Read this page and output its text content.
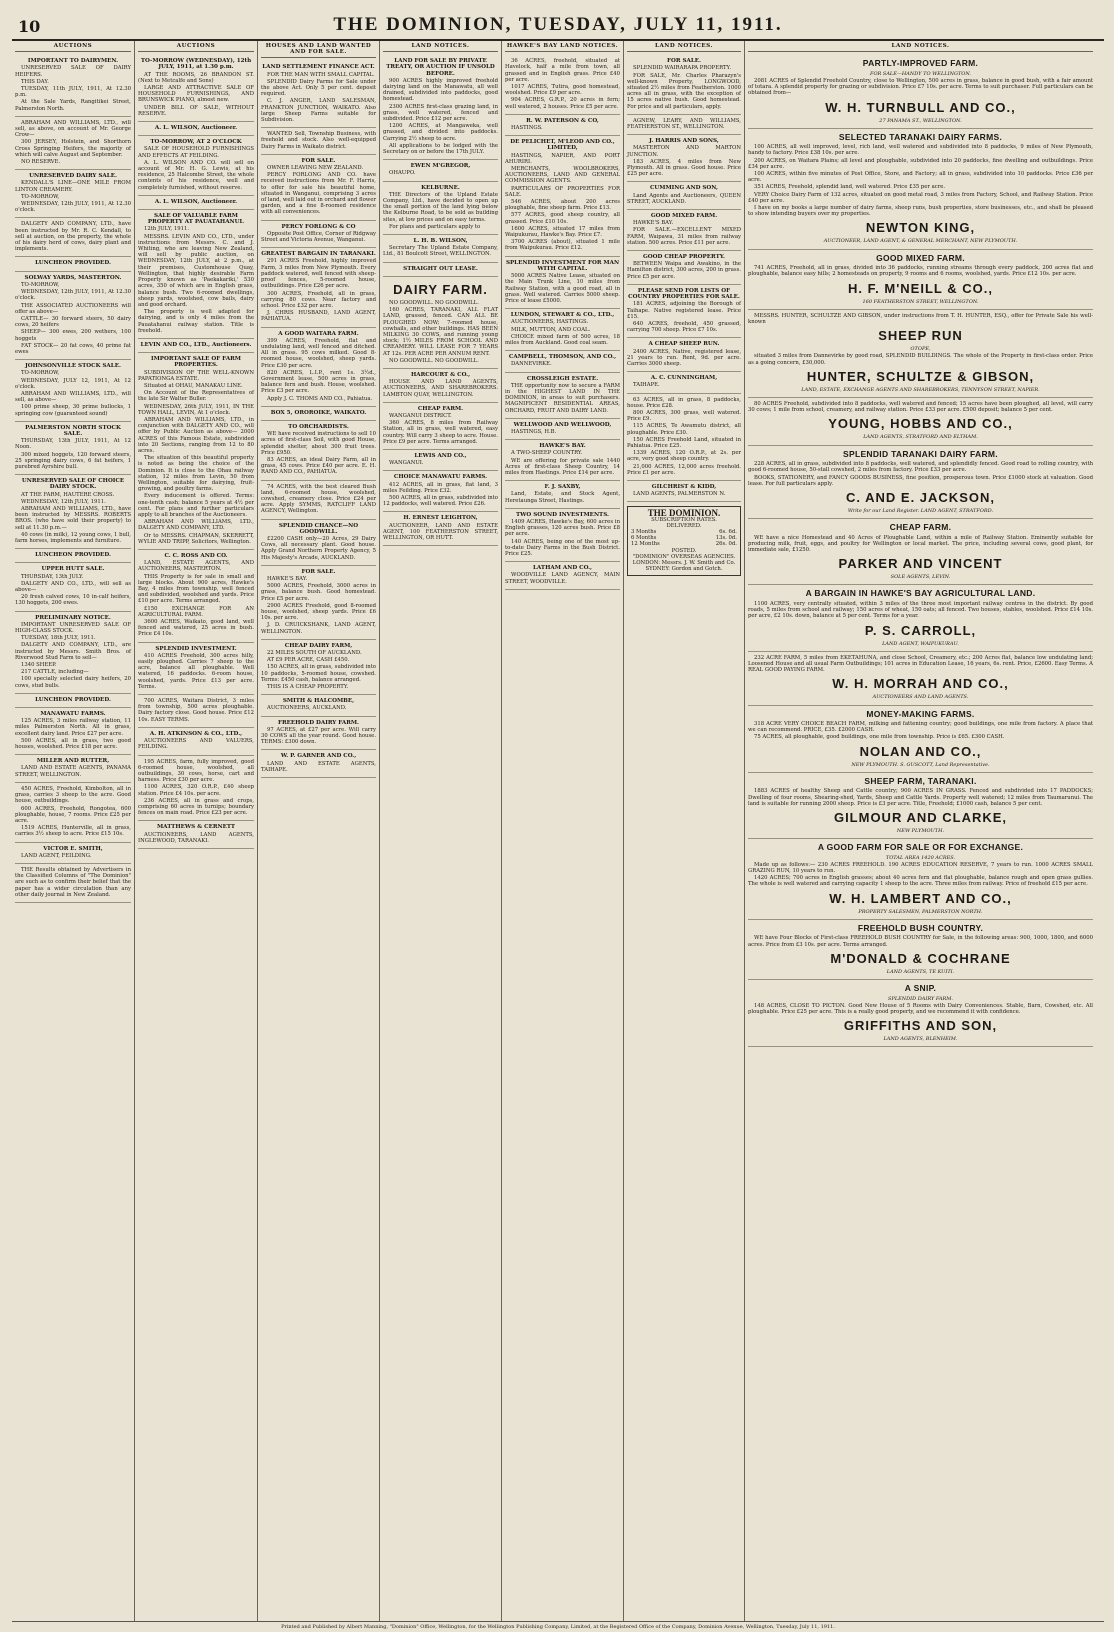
10	THE DOMINION, TUESDAY, JULY 11, 1911.
AUCTIONS
IMPORTANT TO DAIRYMEN.

UNRESERVED SALE OF DAIRY HEIFERS.

THIS DAY.

TUESDAY, 11th JULY, 1911, At 12.30 p.m.

At the Sale Yards, Rangitikei Street, Palmerston North.

ABRAHAM AND WILLIAMS, LTD., will sell, as above, on account of Mr. George Crow—

300 JERSEY, Holstein, and Shorthorn Cross Springing Heifers, the majority of which will calve August and September.

NO RESERVE.

UNRESERVED DAIRY SALE.

KENDALL'S LINE—ONE MILE FROM LINTON CREAMERY.

TO-MORROW,

WEDNESDAY, 12th JULY, 1911, At 12.30 o'clock.

DALGETY AND COMPANY, LTD., have been instructed by Mr. R. C. Kendall, to sell at auction, on the property, the whole of his dairy herd of cows, dairy plant and implements.

LUNCHEON PROVIDED.
SOLWAY YARDS, MASTERTON.

TO-MORROW,

WEDNESDAY, 12th JULY, 1911, At 12.30 o'clock.

THE ASSOCIATED AUCTIONEERS will offer as above—

CATTLE— 30 forward steers, 50 dairy cows, 20 heifers

SHEEP— 300 ewes, 200 wethers, 100 hoggets

FAT STOCK— 20 fat cows, 40 prime fat ewes

JOHNSONVILLE STOCK SALE.

TO-MORROW,

WEDNESDAY, JULY 12, 1911, At 12 o'clock.

ABRAHAM AND WILLIAMS, LTD., will sell, as above—

100 prime sheep, 30 prime bullocks, 1 springing cow (guaranteed sound)

PALMERSTON NORTH STOCK SALE.

THURSDAY, 13th JULY, 1911, At 12 Noon.

300 mixed hoggets, 120 forward steers, 25 springing dairy cows, 6 fat heifers, 1 purebred Ayrshire bull.

UNRESERVED SALE OF CHOICE DAIRY STOCK.

AT THE FARM, HAUTERE CROSS.

WEDNESDAY, 12th JULY, 1911.

ABRAHAM AND WILLIAMS, LTD., have been instructed by MESSRS. ROBERTS BROS. (who have sold their property) to sell at 11.30 p.m.—

40 cows (in milk), 12 young cows, 1 bull, farm horses, implements and furniture.

LUNCHEON PROVIDED.
UPPER HUTT SALE.

THURSDAY, 13th JULY.

DALGETY AND CO., LTD., will sell as above—

20 fresh calved cows, 10 in-calf heifers, 130 hoggets, 200 ewes.

PRELIMINARY NOTICE.

IMPORTANT UNRESERVED SALE OF HIGH-CLASS STOCK.

TUESDAY, 18th JULY, 1911.

DALGETY AND COMPANY, LTD., are instructed by Messrs. Smith Bros. of Riverwood Stud Farm to sell—

1340 SHEEP.

217 CATTLE, including—

100 specially selected dairy heifers, 20 cows, stud bulls.

LUNCHEON PROVIDED.
MANAWATU FARMS.

125 ACRES, 3 miles railway station, 11 miles Palmerston North. All in grass, excellent dairy land. Price £27 per acre.

500 ACRES, all in grass, two good houses, woolshed. Price £18 per acre.

MILLER AND RUTTER,

LAND AND ESTATE AGENTS, PANAMA STREET, WELLINGTON.

450 ACRES, Freehold, Kimbolton, all in grass, carries 3 sheep to the acre. Good house, outbuildings.

600 ACRES, Freehold, Rongotea, 600 ploughable, house, 7 rooms. Price £25 per acre.

1519 ACRES, Hunterville, all in grass, carries 3½ sheep to acre. Price £15 10s.

VICTOR E. SMITH,

LAND AGENT, FEILDING.

THE Results obtained by Advertisers in the Classified Columns of "The Dominion" are such as to confirm their belief that the paper has a wider circulation than any other daily journal in New Zealand.

AUCTIONS
TO-MORROW (WEDNESDAY), 12th JULY, 1911, at 1.30 p.m.

AT THE ROOMS, 26 BRANDON ST. (Next to Metcalfe and Sons)

LARGE AND ATTRACTIVE SALE OF HOUSEHOLD FURNISHINGS, AND BRUNSWICK PIANO, almost new.

UNDER BILL OF SALE, WITHOUT RESERVE.

A. L. WILSON, Auctioneer.
TO-MORROW, AT 2 O'CLOCK

SALE OF HOUSEHOLD FURNISHINGS AND EFFECTS AT FEILDING.

A. L. WILSON AND CO. will sell on account of Mr. H. G. Lewis, at his residence, 25 Halcombe Street, the whole contents of his residence, well and completely furnished, without reserve.

A. L. WILSON, Auctioneer.
SALE OF VALUABLE FARM PROPERTY AT PAUATAHANUI.

12th JULY, 1911.

MESSRS. LEVIN AND CO., LTD., under instructions from Messrs. C. and J. Whiting, who are leaving New Zealand, will sell by public auction, on WEDNESDAY, 12th JULY, at 2 p.m., at their premises, Customhouse Quay, Wellington, that highly desirable Farm Property known as 'Paekakariki,' 530 acres, 350 of which are in English grass, balance bush. Two 6-roomed dwellings, sheep yards, woolshed, cow bails, dairy and good orchard.

The property is well adapted for dairying, and is only 4 miles from the Pauatahanui railway station. Title is freehold.

LEVIN AND CO., LTD., Auctioneers.
IMPORTANT SALE OF FARM PROPERTIES.

SUBDIVISION OF THE WELL-KNOWN PAPATIONGA ESTATE.

Situated at OHAU, MANAKAU LINE.

On Account of the Representatives of the late Sir Walter Buller.

WEDNESDAY, 26th JULY, 1911, IN THE TOWN HALL, LEVIN, At 1 o'clock.

ABRAHAM AND WILLIAMS, LTD., in conjunction with DALGETY AND CO., will offer by Public Auction as above— 2000 ACRES of this Famous Estate, subdivided into 20 Sections, ranging from 12 to 80 acres.

The situation of this beautiful property is noted as being the choice of the Dominion. It is close to the Ohau railway station, 12 miles from Levin, 50 from Wellington, suitable for dairying, fruit-growing, and poultry farms.

Every inducement is offered. Terms: one-tenth cash; balance 5 years at 4½ per cent. For plans and further particulars apply to all branches of the Auctioneers.

ABRAHAM AND WILLIAMS, LTD., DALGETY AND COMPANY, LTD.

Or to MESSRS. CHAPMAN, SKERRETT, WYLIE AND TRIPP, Solicitors, Wellington.

C. C. ROSS AND CO.

LAND, ESTATE AGENTS, AND AUCTIONEERS, MASTERTON.

THIS Property is for sale in small and large blocks. About 900 acres, Hawke's Bay, 4 miles from township, well fenced and subdivided, woolshed and yards. Price £10 per acre. Terms arranged.

£150 EXCHANGE FOR AN AGRICULTURAL FARM.

3600 ACRES, Waikato, good land, well fenced and watered, 25 acres in bush. Price £4 10s.

SPLENDID INVESTMENT.

410 ACRES Freehold, 300 acres hilly, easily ploughed. Carries 7 sheep to the acre, balance all ploughable. Well watered, 16 paddocks. 6-room house, woolshed, yards. Price £13 per acre. Terms.

700 ACRES, Waitara District, 3 miles from township, 500 acres ploughable. Dairy factory close. Good house. Price £12 10s. EASY TERMS.

A. H. ATKINSON & CO., LTD.,

AUCTIONEERS AND VALUERS, FEILDING.

195 ACRES, farm, fully improved, good 6-roomed house, woolshed, all outbuildings, 30 cows, horse, cart and harness. Price £30 per acre.

1100 ACRES, 320 O.R.P., £40 sheep station. Price £4 10s. per acre.

236 ACRES, all in grass and crops, comprising 60 acres in turnips; boundary fences on main road. Price £23 per acre.

MATTHEWS & CERNETT

AUCTIONEERS, LAND AGENTS, INGLEWOOD, TARANAKI.

HOUSES AND LAND WANTED AND FOR SALE.
LAND SETTLEMENT FINANCE ACT.

FOR THE MAN WITH SMALL CAPITAL.

SPLENDID Dairy Farms for Sale under the above Act. Only 5 per cent. deposit required.

C. J. ANGER, LAND SALESMAN, FRANKTON JUNCTION, WAIKATO. Also large Sheep Farms suitable for Subdivision.

WANTED Sell, Township Business, with freehold and stock. Also well-equipped Dairy Farms in Waikato district.

FOR SALE.

OWNER LEAVING NEW ZEALAND.

PERCY FORLONG AND CO. have received instructions from Mr. F. Harris, to offer for sale his beautiful home, situated in Wanganui, comprising 3 acres of land, well laid out in orchard and flower garden, and a fine 8-roomed residence with all conveniences.

PERCY FORLONG & CO

Opposite Post Office, Corner of Ridgway Street and Victoria Avenue, Wanganui.

GREATEST BARGAIN IN TARANAKI.

291 ACRES Freehold, highly improved Farm, 3 miles from New Plymouth. Every paddock watered, well fenced with sheep-proof fences, 5-roomed house, outbuildings. Price £26 per acre.

300 ACRES, Freehold, all in grass, carrying 80 cows. Near factory and school. Price £32 per acre.

J. CHRIS HUSBAND, LAND AGENT, PAHIATUA.

A GOOD WAITARA FARM.

399 ACRES, Freehold, flat and undulating land, well fenced and ditched. All in grass. 95 cows milked. Good 8-roomed house, woolshed, sheep yards. Price £30 per acre.

820 ACRES, L.I.P., rent 1s. 3½d., Government lease, 500 acres in grass, balance fern and bush. House, woolshed. Price £3 per acre.

Apply J. C. THOMS AND CO., Pahiatua.

BOX 5, OROROIKE, WAIKATO.
TO ORCHARDISTS.

WE have received instructions to sell 10 acres of first-class Soil, with good House, splendid shelter, about 300 fruit trees. Price £950.

83 ACRES, an ideal Dairy Farm, all in grass, 45 cows. Price £40 per acre. E. H. RAND AND CO., PAHIATUA.

74 ACRES, with the best cleared Bush land, 6-roomed house, woolshed, cowshed, creamery close. Price £24 per acre. Apply SYMMS, RATCLIFF LAND AGENCY, Wellington.

SPLENDID CHANCE—NO GOODWILL.

£2200 CASH only—20 Acres, 29 Dairy Cows, all necessary plant. Good house. Apply Grand Northern Property Agency, 5 His Majesty's Arcade, AUCKLAND.

FOR SALE.

HAWKE'S BAY.

5000 ACRES, Freehold, 3000 acres in grass, balance bush. Good homestead. Price £5 per acre.

2900 ACRES Freehold, good 8-roomed house, woolshed, sheep yards. Price £6 10s. per acre.

J. D. CRUICKSHANK, LAND AGENT, WELLINGTON.

CHEAP DAIRY FARM,

22 MILES SOUTH OF AUCKLAND.

AT £9 PER ACRE, CASH £450.

150 ACRES, all in grass, subdivided into 10 paddocks, 5-roomed house, cowshed. Terms: £450 cash, balance arranged.

THIS IS A CHEAP PROPERTY.

SMITH & HALCOMBE,

AUCTIONEERS, AUCKLAND.

FREEHOLD DAIRY FARM.

97 ACRES, at £27 per acre. Will carry 30 COWS all the year round. Good house. TERMS: £300 down.

W. P. GARNER AND CO.,

LAND AND ESTATE AGENTS, TAIHAPE.

LAND NOTICES.
LAND FOR SALE BY PRIVATE TREATY, OR AUCTION IF UNSOLD BEFORE.

900 ACRES highly improved freehold dairying land on the Manawatu, all well drained, subdivided into paddocks, good homestead.

2300 ACRES first-class grazing land, in grass, well watered, fenced and subdivided. Price £12 per acre.

1200 ACRES, at Mangaweka, well grassed, and divided into paddocks. Carrying 2½ sheep to acre.

All applications to be lodged with the Secretary on or before the 17th JULY.

EWEN M'GREGOR,

OHAUPO.

KELBURNE.

THE Directors of the Upland Estate Company, Ltd., have decided to open up the small portion of the land lying below the Kelburne Road, to be sold as building sites, at low prices and on easy terms.

For plans and particulars apply to

L. H. B. WILSON,

Secretary The Upland Estate Company, Ltd., 81 Boulcott Street, WELLINGTON.

STRAIGHT OUT LEASE.
DAIRY FARM.

NO GOODWILL. NO GOODWILL.

160 ACRES, TARANAKI, ALL FLAT LAND, grassed, fenced. CAN ALL BE PLOUGHED NOW; 7-roomed house, cowbails, and other buildings. HAS BEEN MILKING 30 COWS, and running young stock; 1½ MILES FROM SCHOOL AND CREAMERY. WILL LEASE FOR 7 YEARS AT 12s. PER ACRE PER ANNUM RENT.

NO GOODWILL. NO GOODWILL.

HARCOURT & CO.,

HOUSE AND LAND AGENTS, AUCTIONEERS, AND SHAREBROKERS. LAMBTON QUAY, WELLINGTON.

CHEAP FARM.

WANGANUI DISTRICT.

360 ACRES, 8 miles from Railway Station, all in grass, well watered, easy country. Will carry 3 sheep to acre. House. Price £9 per acre. Terms arranged.

LEWIS AND CO.,

WANGANUI.

CHOICE MANAWATU FARMS.

412 ACRES, all in grass, flat land, 3 miles Feilding. Price £32.

500 ACRES, all in grass, subdivided into 12 paddocks, well watered. Price £26.

H. ERNEST LEIGHTON,

AUCTIONEER, LAND AND ESTATE AGENT, 100 FEATHERSTON STREET, WELLINGTON, OR HUTT.

HAWKE'S BAY LAND NOTICES.

36 ACRES, freehold, situated at Havelock, half a mile from town, all grassed and in English grass. Price £40 per acre.

1017 ACRES, Tutira, good homestead, woolshed. Price £9 per acre.

904 ACRES, G.R.P., 20 acres in fern; well watered, 2 houses. Price £5 per acre.

R. W. PATERSON & CO,

HASTINGS.

DE PELICHET, M'LEOD AND CO., LIMITED,

HASTINGS, NAPIER, AND PORT AHURIRI.

MERCHANTS, WOOLBROKERS, AUCTIONEERS, LAND AND GENERAL COMMISSION AGENTS.

PARTICULARS OF PROPERTIES FOR SALE.

546 ACRES, about 200 acres ploughable, fine sheep farm. Price £13.

577 ACRES, good sheep country, all grassed. Price £10 10s.

1600 ACRES, situated 17 miles from Waipukurau, Hawke's Bay. Price £7.

3700 ACRES (about), situated 1 mile from Waipukurau. Price £12.

SPLENDID INVESTMENT FOR MAN WITH CAPITAL.

5000 ACRES Native Lease, situated on the Main Trunk Line, 10 miles from Railway Station, with a good road, all in grass. Well watered. Carries 5000 sheep. Price of lease £5000.

LUNDON, STEWART & CO., LTD.,

AUCTIONEERS, HASTINGS.

MILK, MUTTON, AND COAL.

CHOICE mixed farm of 500 acres, 18 miles from Auckland. Good coal seam.

CAMPBELL, THOMSON, AND CO.,

DANNEVIRKE.

CROSSLEIGH ESTATE.

THE opportunity now to secure a FARM in the HIGHEST LAND IN THE DOMINION, in areas to suit purchasers. MAGNIFICENT RESIDENTIAL AREAS, ORCHARD, FRUIT AND DAIRY LAND.

WELLWOOD AND WELLWOOD,

HASTINGS, H.B.

HAWKE'S BAY.

A TWO-SHEEP COUNTRY.

WE are offering for private sale 1440 Acres of first-class Sheep Country, 14 miles from Hastings. Price £14 per acre.

F. J. SAXBY,

Land, Estate, and Stock Agent, Heretaunga Street, Hastings.

TWO SOUND INVESTMENTS.

1409 ACRES, Hawke's Bay, 600 acres in English grasses, 120 acres bush. Price £8 per acre.

140 ACRES, being one of the most up-to-date Dairy Farms in the Bush District. Price £25.

LATHAM AND CO.,

WOODVILLE LAND AGENCY, MAIN STREET, WOODVILLE.

LAND NOTICES.
FOR SALE.

SPLENDID WAIRARAPA PROPERTY.

FOR SALE, Mr. Charles Pharazyn's well-known Property, LONGWOOD, situated 2½ miles from Featherston. 1000 acres all in grass, with the exception of 15 acres native bush. Good homestead. For price and all particulars, apply.

AGNEW, LEARY, AND WILLIAMS, FEATHERSTON ST., WELLINGTON.

J. HARRIS AND SONS,

MASTERTON AND MARTON JUNCTION.

183 ACRES, 4 miles from New Plymouth. All in grass. Good house. Price £25 per acre.

CUMMING AND SON,

Land Agents and Auctioneers, QUEEN STREET, AUCKLAND.

GOOD MIXED FARM.

HAWKE'S BAY.

FOR SALE.—EXCELLENT MIXED FARM, Waipawa, 31 miles from railway station. 500 acres. Price £11 per acre.

GOOD CHEAP PROPERTY.

BETWEEN Waipa and Awakino, in the Hamilton district, 300 acres, 200 in grass. Price £5 per acre.

PLEASE SEND FOR LISTS OF COUNTRY PROPERTIES FOR SALE.

181 ACRES, adjoining the Borough of Taihape. Native registered lease. Price £15.

640 ACRES, freehold, 450 grassed, carrying 700 sheep. Price £7 10s.

A CHEAP SHEEP RUN.

2400 ACRES, Native, registered lease, 21 years to run. Rent, 9d. per acre. Carries 3000 sheep.

A. C. CUNNINGHAM,

TAIHAPE.

63 ACRES, all in grass, 8 paddocks, house. Price £28.

800 ACRES, 300 grass, well watered. Price £9.

115 ACRES, Te Awamutu district, all ploughable. Price £30.

150 ACRES Freehold Land, situated in Pahiatua. Price £25.

1339 ACRES, 120 O.R.P., at 2s. per acre, very good sheep country.

21,000 ACRES, 12,000 acres freehold. Price £1 per acre.

GILCHRIST & KIDD,

LAND AGENTS, PALMERSTON N.

THE DOMINION.
SUBSCRIPTION RATES.
DELIVERED.
3 Months	6s. 6d.
6 Months	13s. 0d.
12 Months	26s. 0d.
POSTED.
"DOMINION" OVERSEAS AGENCIES. LONDON: Messrs. J. W. Smith and Co. SYDNEY: Gordon and Gotch.
LAND NOTICES.
PARTLY-IMPROVED FARM.
FOR SALE—HANDY TO WELLINGTON.

2081 ACRES of Splendid Freehold Country, close to Wellington, 500 acres in grass, balance in good bush, with a fair amount of totara. A splendid property for grazing or subdivision. Price £7 10s. per acre. Terms to suit purchaser. Full particulars can be obtained from—

W. H. TURNBULL AND CO.,
27 PANAMA ST., WELLINGTON.
SELECTED TARANAKI DAIRY FARMS.

100 ACRES, all well improved, level, rich land, well watered and subdivided into 8 paddocks, 9 miles of New Plymouth, handy to factory. Price £38 10s. per acre.

200 ACRES, on Waitara Plains; all level and ploughable, subdivided into 20 paddocks, fine dwelling and outbuildings. Price £34 per acre.

100 ACRES, within five minutes of Post Office, Store, and Factory; all in grass, subdivided into 10 paddocks. Price £36 per acre.

351 ACRES, Freehold, splendid land, well watered. Price £35 per acre.

VERY Choice Dairy Farm of 132 acres, situated on good metal road, 3 miles from Factory, School, and Railway Station. Price £40 per acre.

I have on my books a large number of dairy farms, sheep runs, bush properties, store businesses, etc., and shall be pleased to show intending buyers over my properties.

NEWTON KING,
AUCTIONEER, LAND AGENT, & GENERAL MERCHANT, NEW PLYMOUTH.
GOOD MIXED FARM.

741 ACRES, Freehold, all in grass, divided into 36 paddocks, running streams through every paddock, 200 acres flat and ploughable, balance easy hills; 2 homesteads on property, 9 rooms and 6 rooms, woolshed, yards. Price £12 10s. per acre.

H. F. M'NEILL & CO.,
160 FEATHERSTON STREET, WELLINGTON.

MESSRS. HUNTER, SCHULTZE AND GIBSON, under instructions from T. H. HUNTER, ESQ., offer for Private Sale his well-known

SHEEP RUN
OTOPE,

situated 3 miles from Dannevirke by good road, SPLENDID BUILDINGS. The whole of the Property in first-class order. Price as a going concern, £30,000.

HUNTER, SCHULTZE & GIBSON,
LAND, ESTATE, EXCHANGE AGENTS AND SHAREBROKERS, TENNYSON STREET, NAPIER.

80 ACRES Freehold, subdivided into 8 paddocks, well watered and fenced; 15 acres have been ploughed, all level, will carry 30 cows; 1 mile from school, creamery, and railway station. Price £33 per acre. £500 deposit; balance 5 per cent.

YOUNG, HOBBS AND CO.,
LAND AGENTS, STRATFORD AND ELTHAM.
SPLENDID TARANAKI DAIRY FARM.

228 ACRES, all in grass, subdivided into 8 paddocks, well watered, and splendidly fenced. Good road to rolling country, with good 6-roomed house, 50-stall cowshed, 2 miles from factory. Price £33 per acre.

BOOKS, STATIONERY, and FANCY GOODS BUSINESS, fine position, prosperous town. Price £1000 stock at valuation. Good lease. For full particulars apply.

C. AND E. JACKSON,
Write for our Land Register. LAND AGENT, STRATFORD.
CHEAP FARM.

WE have a nice Homestead and 40 Acres of Ploughable Land, within a mile of Railway Station. Eminently suitable for producing milk, fruit, eggs, and poultry for Wellington or local market. The price, including several cows, good plant, for immediate sale, £1250.

PARKER AND VINCENT
SOLE AGENTS, LEVIN.
A BARGAIN IN HAWKE'S BAY AGRICULTURAL LAND.

1100 ACRES, very centrally situated, within 3 miles of the three most important railway centres in the district. By good roads, 5 miles from school and railway; 150 acres of wheat, 150 oats; all fenced. Two houses, stables, woolshed. Price £14 10s. per acre, £2 10s. down, balance at 5 per cent. Terms for a year.

P. S. CARROLL,
LAND AGENT, WAIPUKURAU.

232 ACRE FARM, 5 miles from EKETAHUNA, and close School, Creamery, etc.; 200 Acres flat, balance low undulating land; Loosened House and all usual Farm Outbuildings; 101 acres in Education Lease, 16 years, 6s. rent. Price, £2600. Easy Terms. A REAL GOOD PAYING FARM.

W. H. MORRAH AND CO.,
AUCTIONEERS AND LAND AGENTS.
MONEY-MAKING FARMS.

318 ACRE VERY CHOICE BEACH FARM, milking and fattening country; good buildings, one mile from factory. A place that we can recommend. PRICE, £35. £2000 CASH.

75 ACRES, all ploughable, good buildings, one mile from township. Price is £65. £300 CASH.

NOLAN AND CO.,
NEW PLYMOUTH. S. GUSCOTT, Land Representative.
SHEEP FARM, TARANAKI.

1883 ACRES of healthy Sheep and Cattle country; 900 ACRES IN GRASS. Fenced and subdivided into 17 PADDOCKS; Dwelling of four rooms, Shearing-shed, Yards, Sheep and Cattle Yards. Property well watered; 12 miles from Taumarunui. The land is suitable for running 2000 sheep. Price is £3 per acre. Title, Freehold; £1000 cash, balance 5 per cent.

GILMOUR AND CLARKE,
NEW PLYMOUTH.
A GOOD FARM FOR SALE OR FOR EXCHANGE.
TOTAL AREA 1420 ACRES.

Made up as follows:— 230 ACRES FREEHOLD. 190 ACRES EDUCATION RESERVE, 7 years to run. 1000 ACRES SMALL GRAZING RUN, 10 years to run.

1420 ACRES; 700 acres in English grasses; about 40 acres fern and flat ploughable, balance rough and open grass gullies. The whole is well watered and carrying capacity 1 sheep to the acre. Three miles from railway. Price of freehold £15 per acre.

W. H. LAMBERT AND CO.,
PROPERTY SALESMEN, PALMERSTON NORTH.
FREEHOLD BUSH COUNTRY.

WE have Four Blocks of First-class FREEHOLD BUSH COUNTRY for Sale, in the following areas: 900, 1000, 1800, and 6000 acres. Price from £3 10s. per acre. Terms arranged.

M'DONALD & COCHRANE
LAND AGENTS, TE KUITI.
A SNIP.
SPLENDID DAIRY FARM.

148 ACRES, CLOSE TO PICTON. Good New House of 5 Rooms with Dairy Conveniences. Stable, Barn, Cowshed, etc. All ploughable. Price £25 per acre. This is a really good property, and we recommend it with confidence.

GRIFFITHS AND SON,
LAND AGENTS, BLENHEIM.
Printed and Published by Albert Manning, "Dominion" Office, Wellington, for the Wellington Publishing Company, Limited, at the Registered Office of the Company, Dominion Avenue, Wellington, Tuesday, July 11, 1911.
